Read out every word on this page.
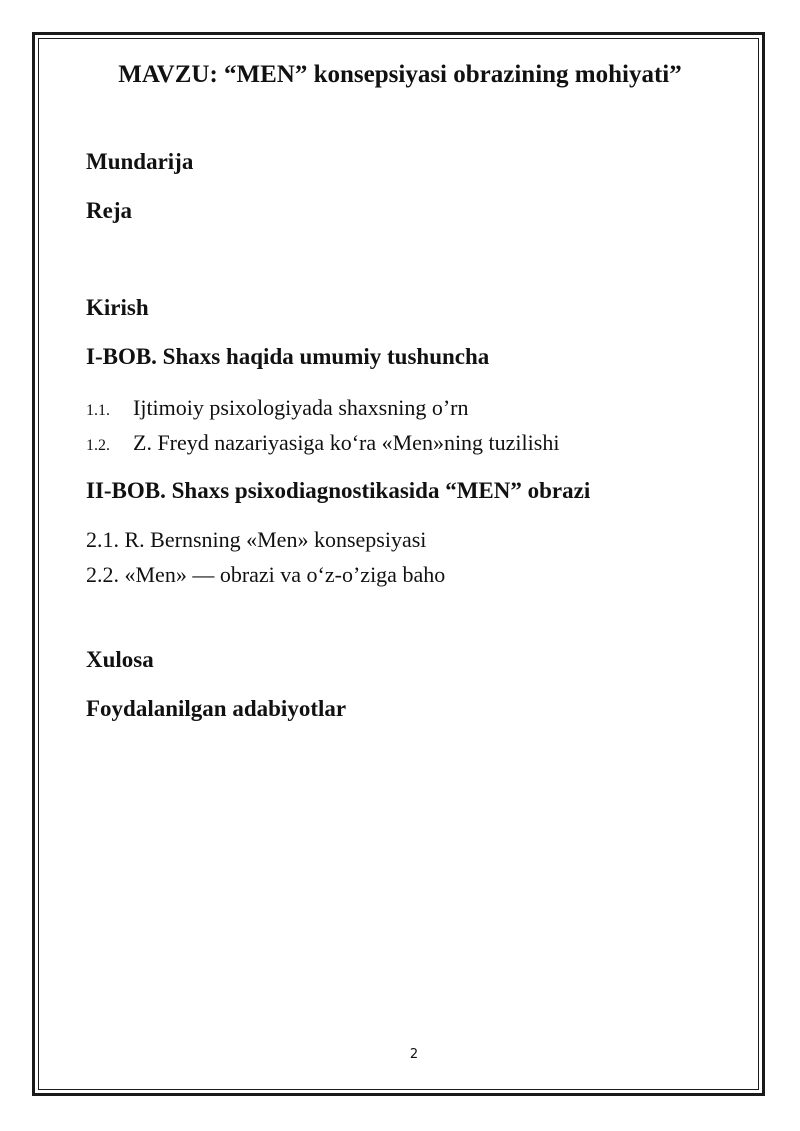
MAVZU: “MEN” konsepsiyasi obrazining mohiyati”
Mundarija
Reja
Kirish
I-BOB. Shaxs haqida umumiy tushuncha
1.1. Ijtimoiy psixologiyada shaxsning o’rn
1.2. Z. Freyd nazariyasiga ko‘ra «Men»ning tuzilishi
II-BOB. Shaxs psixodiagnostikasida “MEN” obrazi
2.1. R. Bernsning «Men» konsepsiyasi
2.2. «Men» — obrazi va o‘z-o’ziga baho
Xulosa
Foydalanilgan adabiyotlar
2
